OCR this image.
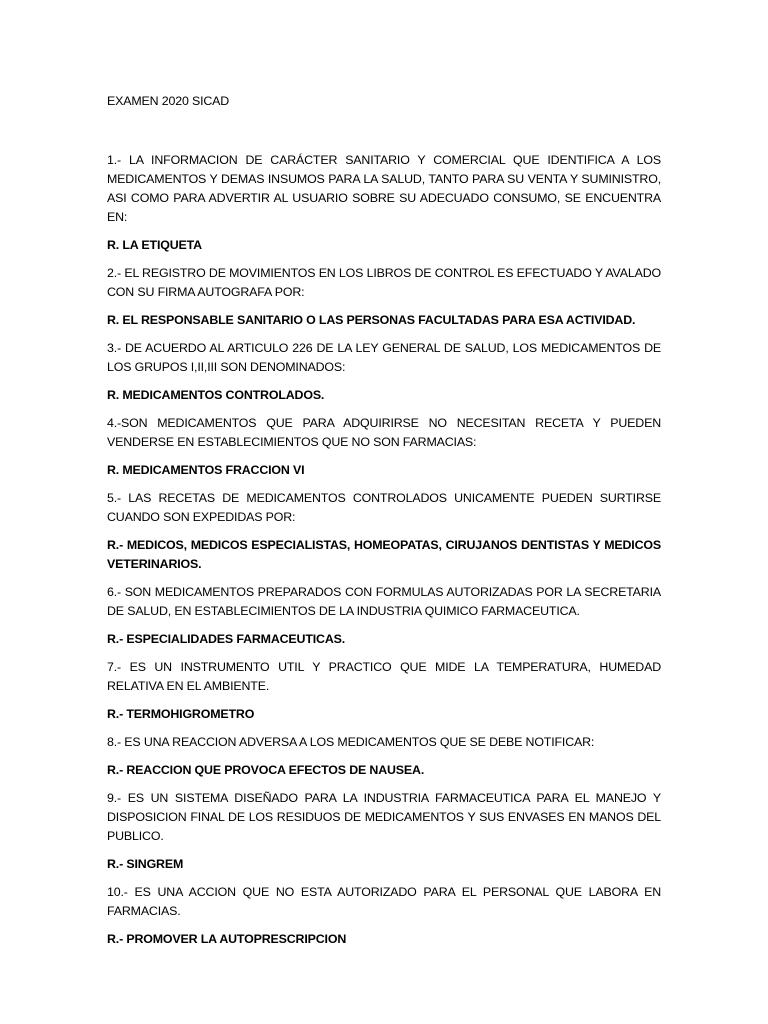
EXAMEN 2020 SICAD

1.- LA INFORMACION DE CARÁCTER SANITARIO Y COMERCIAL QUE IDENTIFICA A LOS MEDICAMENTOS Y DEMAS INSUMOS PARA LA SALUD, TANTO PARA SU VENTA Y SUMINISTRO, ASI COMO PARA ADVERTIR AL USUARIO SOBRE SU ADECUADO CONSUMO, SE ENCUENTRA EN:

R. LA ETIQUETA

2.- EL REGISTRO DE MOVIMIENTOS EN LOS LIBROS DE CONTROL ES EFECTUADO Y AVALADO CON SU FIRMA AUTOGRAFA POR:

R. EL RESPONSABLE SANITARIO O LAS PERSONAS FACULTADAS PARA ESA ACTIVIDAD.

3.- DE ACUERDO AL ARTICULO 226 DE LA LEY GENERAL DE SALUD, LOS MEDICAMENTOS DE LOS GRUPOS I,II,III SON DENOMINADOS:

R. MEDICAMENTOS CONTROLADOS.

4.-SON MEDICAMENTOS QUE PARA ADQUIRIRSE NO NECESITAN RECETA Y PUEDEN VENDERSE EN ESTABLECIMIENTOS QUE NO SON FARMACIAS:

R. MEDICAMENTOS FRACCION VI

5.- LAS RECETAS DE MEDICAMENTOS CONTROLADOS UNICAMENTE PUEDEN SURTIRSE CUANDO SON EXPEDIDAS POR:

R.- MEDICOS, MEDICOS ESPECIALISTAS, HOMEOPATAS, CIRUJANOS DENTISTAS Y MEDICOS VETERINARIOS.

6.- SON MEDICAMENTOS PREPARADOS CON FORMULAS AUTORIZADAS POR LA SECRETARIA DE SALUD, EN ESTABLECIMIENTOS DE LA INDUSTRIA QUIMICO FARMACEUTICA.

R.- ESPECIALIDADES FARMACEUTICAS.

7.- ES UN INSTRUMENTO UTIL Y PRACTICO QUE MIDE LA TEMPERATURA, HUMEDAD RELATIVA EN EL AMBIENTE.

R.- TERMOHIGROMETRO

8.- ES UNA REACCION ADVERSA A LOS MEDICAMENTOS QUE SE DEBE NOTIFICAR:

R.- REACCION QUE PROVOCA EFECTOS DE NAUSEA.

9.- ES UN SISTEMA DISEÑADO PARA LA INDUSTRIA FARMACEUTICA PARA EL MANEJO Y DISPOSICION FINAL DE LOS RESIDUOS DE MEDICAMENTOS Y SUS ENVASES EN MANOS DEL PUBLICO.

R.- SINGREM

10.- ES UNA ACCION QUE NO ESTA AUTORIZADO PARA EL PERSONAL QUE LABORA EN FARMACIAS.

R.- PROMOVER LA AUTOPRESCRIPCION
